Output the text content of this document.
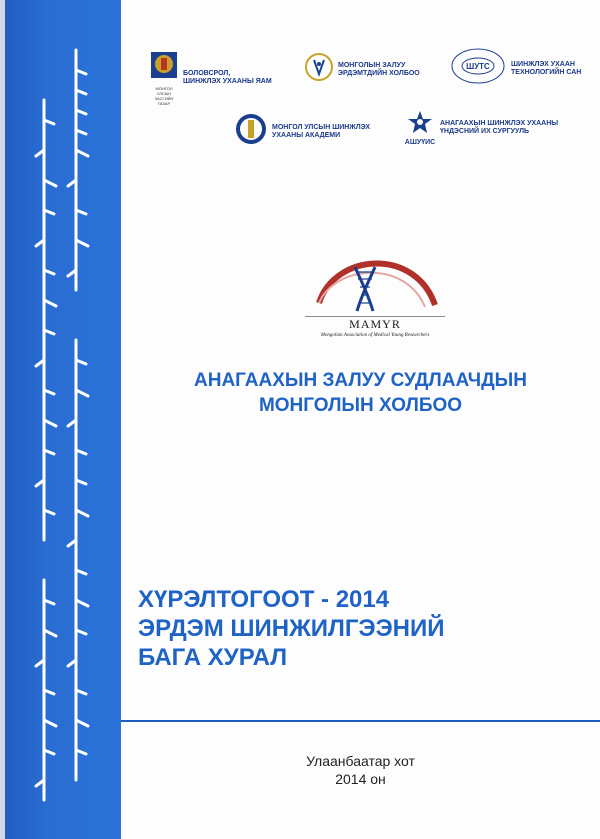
МОНГОЛ УЛСЫН ЗАСГИЙН ГАЗАР
БОЛОВСРОЛ,
ШИНЖЛЭХ УХААНЫ ЯАМ
МОНГОЛЫН ЗАЛУУ
ЭРДЭМТДИЙН ХОЛБОО
ШУТС	ШИНЖЛЭХ УХААН
ТЕХНОЛОГИЙН САН
МОНГОЛ УЛСЫН ШИНЖЛЭХ
УХААНЫ АКАДЕМИ
АШУҮИС
АНАГААХЫН ШИНЖЛЭХ УХААНЫ
ҮНДЭСНИЙ ИХ СУРГУУЛЬ
MAMYR
Mongolian Association of Medical Young Researchers
АНАГААХЫН ЗАЛУУ СУДЛААЧДЫН
МОНГОЛЫН ХОЛБОО
ХҮРЭЛТОГООТ - 2014
ЭРДЭМ ШИНЖИЛГЭЭНИЙ
БАГА ХУРАЛ
Улаанбаатар хот
2014 он
